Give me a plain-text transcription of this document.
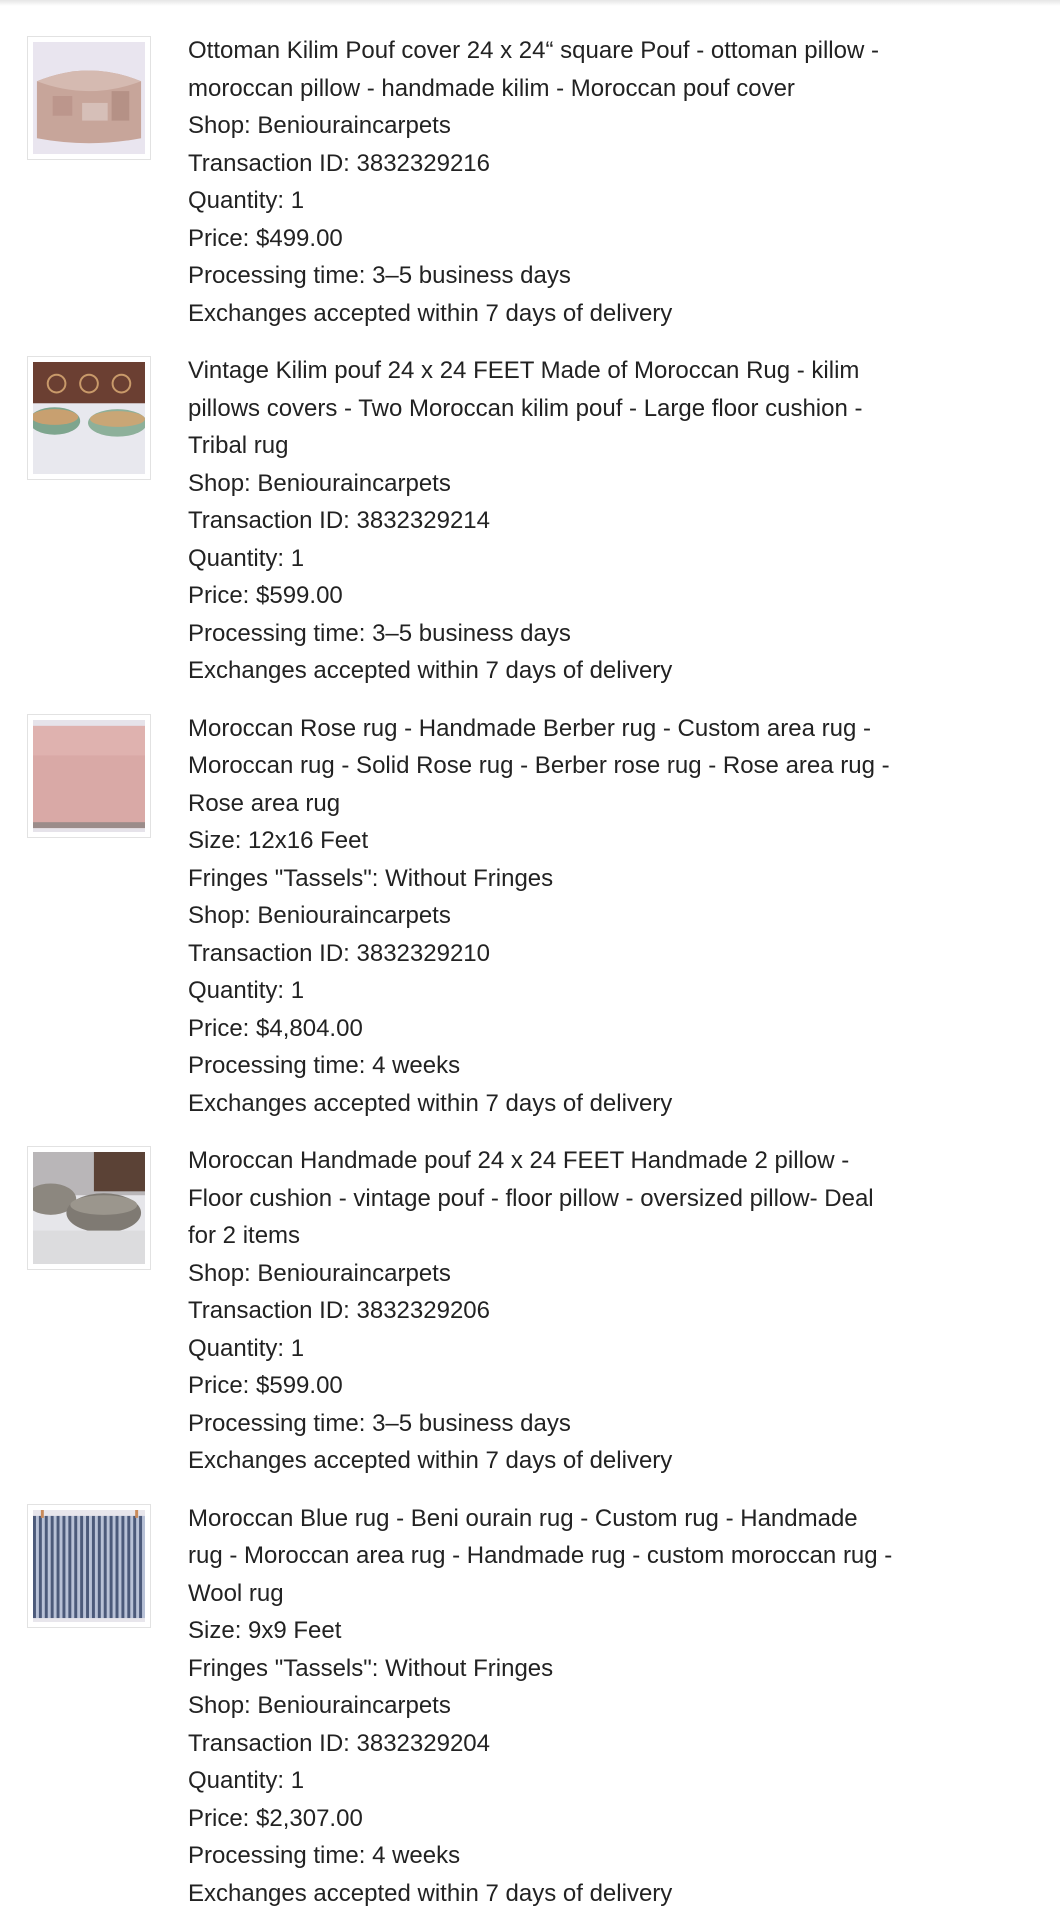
Ottoman Kilim Pouf cover 24 x 24“ square Pouf - ottoman pillow -
moroccan pillow - handmade kilim - Moroccan pouf cover
Shop: Beniouraincarpets
Transaction ID: 3832329216
Quantity: 1
Price: $499.00
Processing time: 3–5 business days
Exchanges accepted within 7 days of delivery
Vintage Kilim pouf 24 x 24 FEET Made of Moroccan Rug - kilim
pillows covers - Two Moroccan kilim pouf - Large floor cushion -
Tribal rug
Shop: Beniouraincarpets
Transaction ID: 3832329214
Quantity: 1
Price: $599.00
Processing time: 3–5 business days
Exchanges accepted within 7 days of delivery
Moroccan Rose rug - Handmade Berber rug - Custom area rug -
Moroccan rug - Solid Rose rug - Berber rose rug - Rose area rug -
Rose area rug
Size: 12x16 Feet
Fringes "Tassels": Without Fringes
Shop: Beniouraincarpets
Transaction ID: 3832329210
Quantity: 1
Price: $4,804.00
Processing time: 4 weeks
Exchanges accepted within 7 days of delivery
Moroccan Handmade pouf 24 x 24 FEET Handmade 2 pillow -
Floor cushion - vintage pouf - floor pillow - oversized pillow- Deal
for 2 items
Shop: Beniouraincarpets
Transaction ID: 3832329206
Quantity: 1
Price: $599.00
Processing time: 3–5 business days
Exchanges accepted within 7 days of delivery
Moroccan Blue rug - Beni ourain rug - Custom rug - Handmade
rug - Moroccan area rug - Handmade rug - custom moroccan rug -
Wool rug
Size: 9x9 Feet
Fringes "Tassels": Without Fringes
Shop: Beniouraincarpets
Transaction ID: 3832329204
Quantity: 1
Price: $2,307.00
Processing time: 4 weeks
Exchanges accepted within 7 days of delivery
